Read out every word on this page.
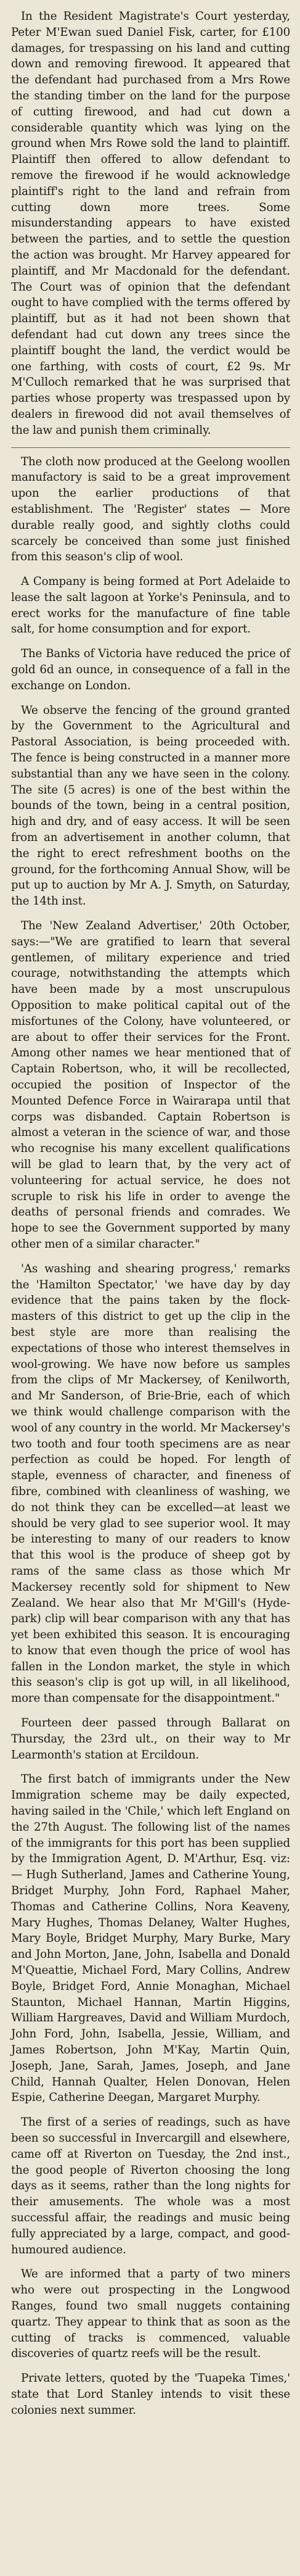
In the Resident Magistrate's Court yesterday, Peter M'Ewan sued Daniel Fisk, carter, for £100 damages, for trespassing on his land and cutting down and removing firewood. It appeared that the defendant had purchased from a Mrs Rowe the standing timber on the land for the purpose of cutting firewood, and had cut down a considerable quantity which was lying on the ground when Mrs Rowe sold the land to plaintiff. Plaintiff then offered to allow defendant to remove the firewood if he would acknowledge plaintiff's right to the land and refrain from cutting down more trees. Some misunderstanding appears to have existed between the parties, and to settle the question the action was brought. Mr Harvey appeared for plaintiff, and Mr Macdonald for the defendant. The Court was of opinion that the defendant ought to have complied with the terms offered by plaintiff, but as it had not been shown that defendant had cut down any trees since the plaintiff bought the land, the verdict would be one farthing, with costs of court, £2 9s. Mr M'Culloch remarked that he was surprised that parties whose property was trespassed upon by dealers in firewood did not avail themselves of the law and punish them criminally.

The cloth now produced at the Geelong woollen manufactory is said to be a great improvement upon the earlier productions of that establishment. The 'Register' states — More durable really good, and sightly cloths could scarcely be conceived than some just finished from this season's clip of wool.

A Company is being formed at Port Adelaide to lease the salt lagoon at Yorke's Peninsula, and to erect works for the manufacture of fine table salt, for home consumption and for export.

The Banks of Victoria have reduced the price of gold 6d an ounce, in consequence of a fall in the exchange on London.

We observe the fencing of the ground granted by the Government to the Agricultural and Pastoral Association, is being proceeded with. The fence is being constructed in a manner more substantial than any we have seen in the colony. The site (5 acres) is one of the best within the bounds of the town, being in a central position, high and dry, and of easy access. It will be seen from an advertisement in another column, that the right to erect refreshment booths on the ground, for the forthcoming Annual Show, will be put up to auction by Mr A. J. Smyth, on Saturday, the 14th inst.

The 'New Zealand Advertiser,' 20th October, says:—"We are gratified to learn that several gentlemen, of military experience and tried courage, notwithstanding the attempts which have been made by a most unscrupulous Opposition to make political capital out of the misfortunes of the Colony, have volunteered, or are about to offer their services for the Front. Among other names we hear mentioned that of Captain Robertson, who, it will be recollected, occupied the position of Inspector of the Mounted Defence Force in Wairarapa until that corps was disbanded. Captain Robertson is almost a veteran in the science of war, and those who recognise his many excellent qualifications will be glad to learn that, by the very act of volunteering for actual service, he does not scruple to risk his life in order to avenge the deaths of personal friends and comrades. We hope to see the Government supported by many other men of a similar character."

'As washing and shearing progress,' remarks the 'Hamilton Spectator,' 'we have day by day evidence that the pains taken by the flock-masters of this district to get up the clip in the best style are more than realising the expectations of those who interest themselves in wool-growing. We have now before us samples from the clips of Mr Mackersey, of Kenilworth, and Mr Sanderson, of Brie-Brie, each of which we think would challenge comparison with the wool of any country in the world. Mr Mackersey's two tooth and four tooth specimens are as near perfection as could be hoped. For length of staple, evenness of character, and fineness of fibre, combined with cleanliness of washing, we do not think they can be excelled—at least we should be very glad to see superior wool. It may be interesting to many of our readers to know that this wool is the produce of sheep got by rams of the same class as those which Mr Mackersey recently sold for shipment to New Zealand. We hear also that Mr M'Gill's (Hyde-park) clip will bear comparison with any that has yet been exhibited this season. It is encouraging to know that even though the price of wool has fallen in the London market, the style in which this season's clip is got up will, in all likelihood, more than compensate for the disappointment."

Fourteen deer passed through Ballarat on Thursday, the 23rd ult., on their way to Mr Learmonth's station at Ercildoun.

The first batch of immigrants under the New Immigration scheme may be daily expected, having sailed in the 'Chile,' which left England on the 27th August. The following list of the names of the immigrants for this port has been supplied by the Immigration Agent, D. M'Arthur, Esq. viz:— Hugh Sutherland, James and Catherine Young, Bridget Murphy, John Ford, Raphael Maher, Thomas and Catherine Collins, Nora Keaveny, Mary Hughes, Thomas Delaney, Walter Hughes, Mary Boyle, Bridget Murphy, Mary Burke, Mary and John Morton, Jane, John, Isabella and Donald M'Queattie, Michael Ford, Mary Collins, Andrew Boyle, Bridget Ford, Annie Monaghan, Michael Staunton, Michael Hannan, Martin Higgins, William Hargreaves, David and William Murdoch, John Ford, John, Isabella, Jessie, William, and James Robertson, John M'Kay, Martin Quin, Joseph, Jane, Sarah, James, Joseph, and Jane Child, Hannah Qualter, Helen Donovan, Helen Espie, Catherine Deegan, Margaret Murphy.

The first of a series of readings, such as have been so successful in Invercargill and elsewhere, came off at Riverton on Tuesday, the 2nd inst., the good people of Riverton choosing the long days as it seems, rather than the long nights for their amusements. The whole was a most successful affair, the readings and music being fully appreciated by a large, compact, and good-humoured audience.

We are informed that a party of two miners who were out prospecting in the Longwood Ranges, found two small nuggets containing quartz. They appear to think that as soon as the cutting of tracks is commenced, valuable discoveries of quartz reefs will be the result.

Private letters, quoted by the 'Tuapeka Times,' state that Lord Stanley intends to visit these colonies next summer.
